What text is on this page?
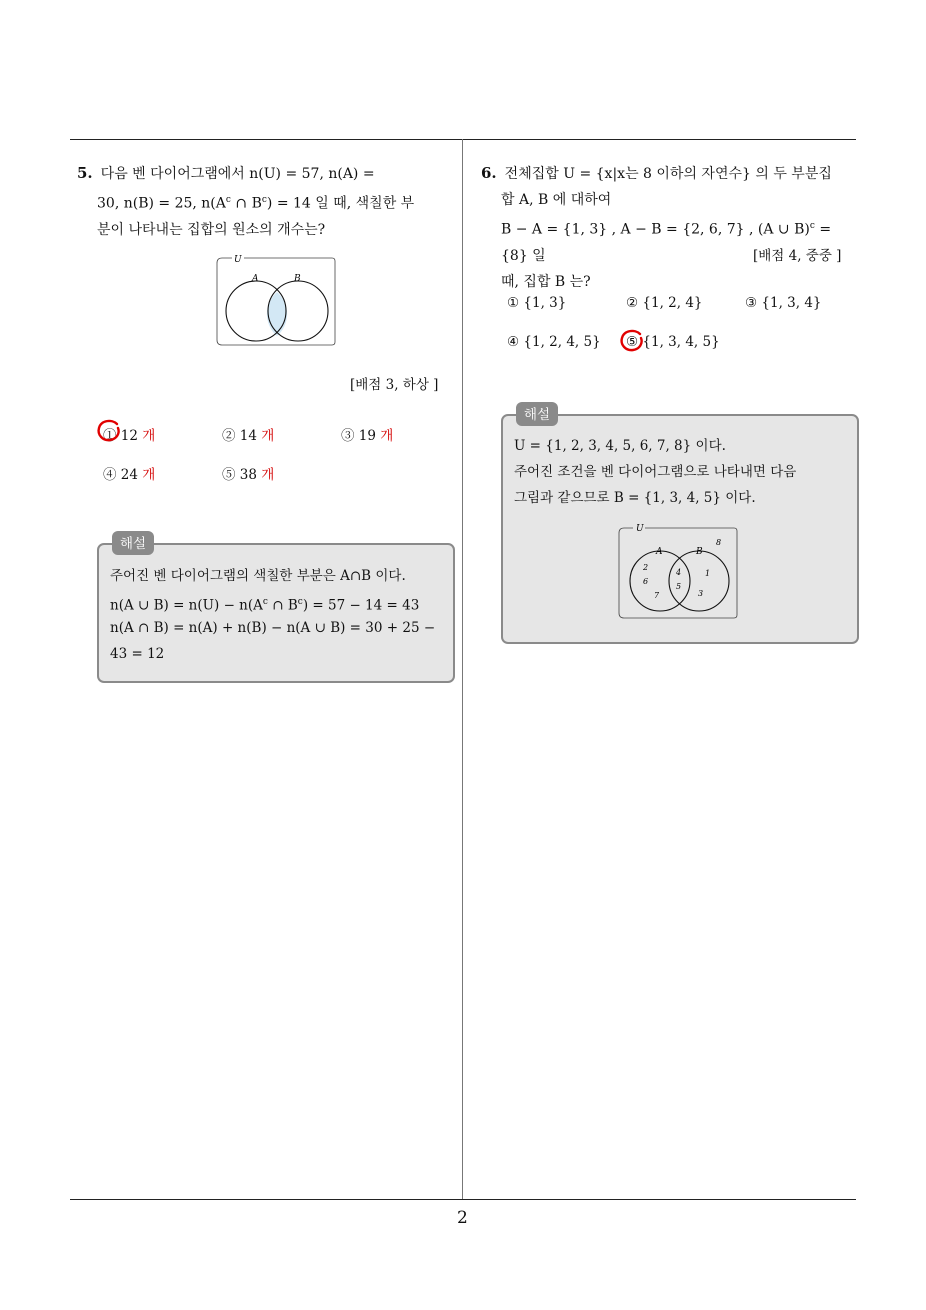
2
5. 다음 벤 다이어그램에서 n(U) = 57, n(A) =
30, n(B) = 25, $n(A^c$ ∩ $B^c) = 14$ 일 때, 색칠한 부
분이 나타내는 집합의 원소의 개수는?
U
A	B
[배점 3, 하상 ]
① 12 개	② 14 개	③ 19 개
④ 24 개	⑤ 38 개
해설
주어진 벤 다이어그램의 색칠한 부분은 A∩B 이다.
n(A ∪ $B) = n(U) - n(A^c$ ∩ $B^c) = 57 - 14 = 43$
n(A ∩ B) = n(A) + n(B) − n(A ∪ B) = 30 + 25 −
43 = 12
6. 전체집합 U = {x|x는 8 이하의 자연수} 의 두 부분집
합 A, B 에 대하여
B − A = {1, 3} , A − B = {2, 6, 7} , (A ∪ B)$^c$ = {8} 일
때, 집합 B 는?
[배점 4, 중중 ]
① {1, 3}	② {1, 2, 4}	③ {1, 3, 4}
④ {1, 2, 4, 5} ⑤ {1, 3, 4, 5}
해설
U = {1, 2, 3, 4, 5, 6, 7, 8} 이다.
주어진 조건을 벤 다이어그램으로 나타내면 다음
그림과 같으므로 B = {1, 3, 4, 5} 이다.
U
A	B
2
6
7
4
5
1
3
8
